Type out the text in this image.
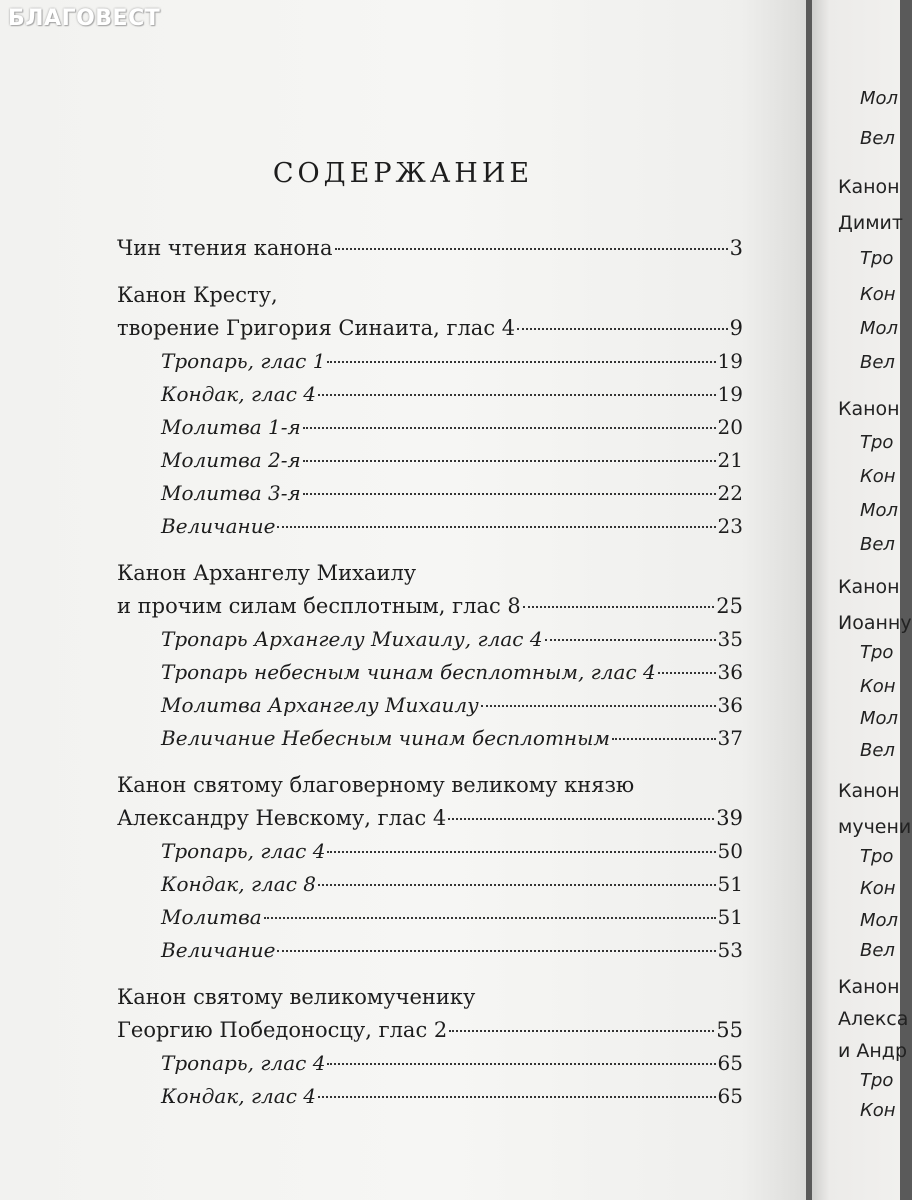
БЛАГОВЕСТ
СОДЕРЖАНИЕ
Чин чтения канона	3
Канон Кресту,
творение Григория Синаита, глас 4	9
Тропарь, глас 1	19
Кондак, глас 4	19
Молитва 1-я	20
Молитва 2-я	21
Молитва 3-я	22
Величание	23
Канон Архангелу Михаилу
и прочим силам бесплотным, глас 8	25
Тропарь Архангелу Михаилу, глас 4	35
Тропарь небесным чинам бесплотным, глас 4	36
Молитва Архангелу Михаилу	36
Величание Небесным чинам бесплотным	37
Канон святому благоверному великому князю
Александру Невскому, глас 4	39
Тропарь, глас 4	50
Кондак, глас 8	51
Молитва	51
Величание	53
Канон святому великомученику
Георгию Победоносцу, глас 2	55
Тропарь, глас 4	65
Кондак, глас 4	65
Мол
Вел
Канон
Димит
Тро
Кон
Мол
Вел
Канон
Тро
Кон
Мол
Вел
Канон
Иоанну
Тро
Кон
Мол
Вел
Канон
мучени
Тро
Кон
Мол
Вел
Канон
Алекса
и Андр
Тро
Кон
